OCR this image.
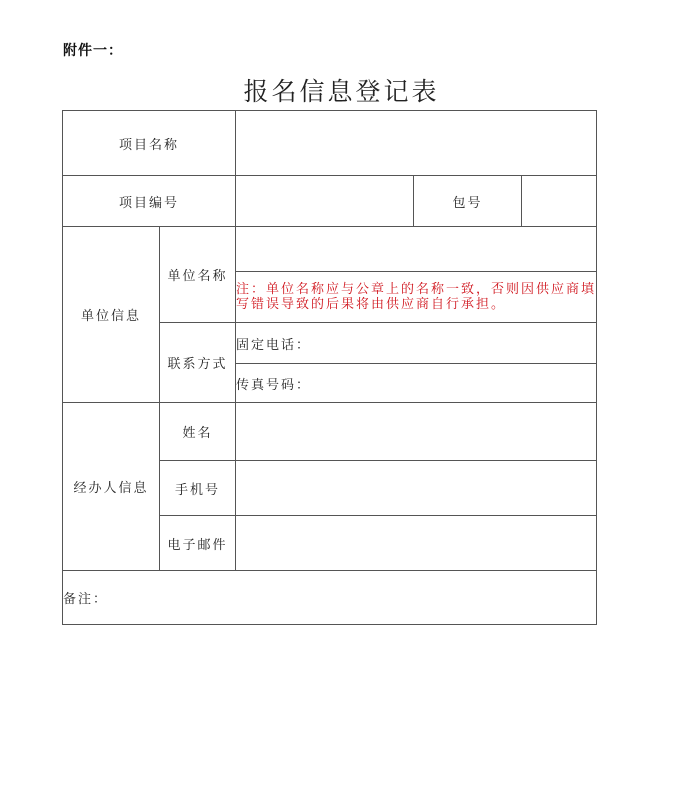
附件一：
报名信息登记表
项目名称				

项目编号			包号	
单位信息	单位名称			
		注：单位名称应与公章上的名称一致，否则因供应商填写错误导致的后果将由供应商自行承担。		
	联系方式	固定电话：		
		传真号码：		
经办人信息	姓名			
	手机号			
	电子邮件			
备注：				
